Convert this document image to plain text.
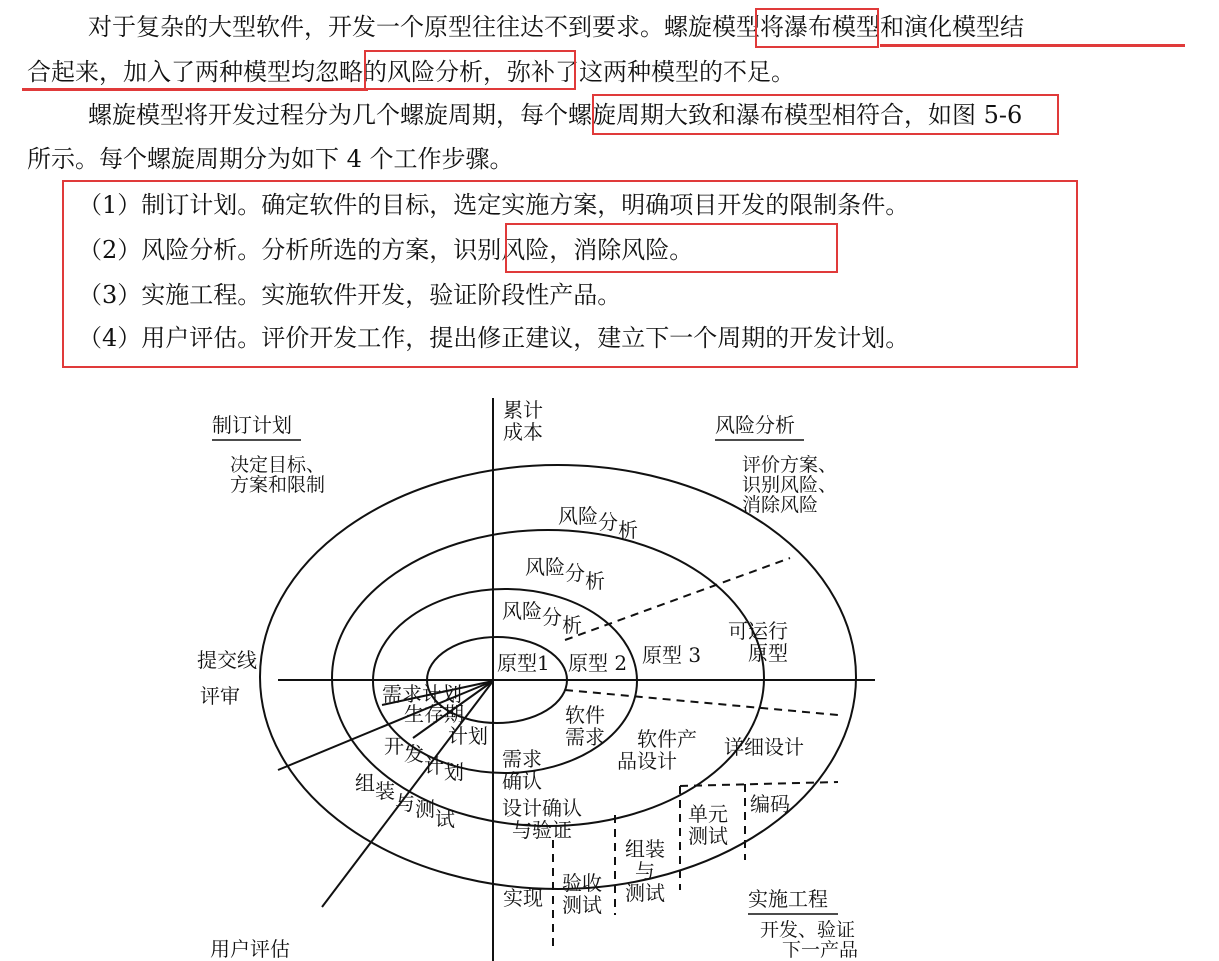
对于复杂的大型软件，开发一个原型往往达不到要求。螺旋模型将瀑布模型和演化模型结
合起来，加入了两种模型均忽略的风险分析，弥补了这两种模型的不足。
螺旋模型将开发过程分为几个螺旋周期，每个螺旋周期大致和瀑布模型相符合，如图 5-6
所示。每个螺旋周期分为如下 4 个工作步骤。
（1）制订计划。确定软件的目标，选定实施方案，明确项目开发的限制条件。
（2）风险分析。分析所选的方案，识别风险，消除风险。
（3）实施工程。实施软件开发，验证阶段性产品。
（4）用户评估。评价开发工作，提出修正建议，建立下一个周期的开发计划。
累计
成本
制订计划
决定目标、
方案和限制
风险分析
评价方案、
识别风险、
消除风险
实施工程
开发、验证
下一产品
用户评估
提交线
评审
风险分析
风险分析
风险分析
原型1 原型 2 原型 3
可运行
原型
软件
需求
需求
确认
软件产
品设计
详细设计
设计确认
与验证
单元
测试
编码
组装
与
测试
验收
测试
实现
需求计划
生存期
计划
开发计划
组装与测试
